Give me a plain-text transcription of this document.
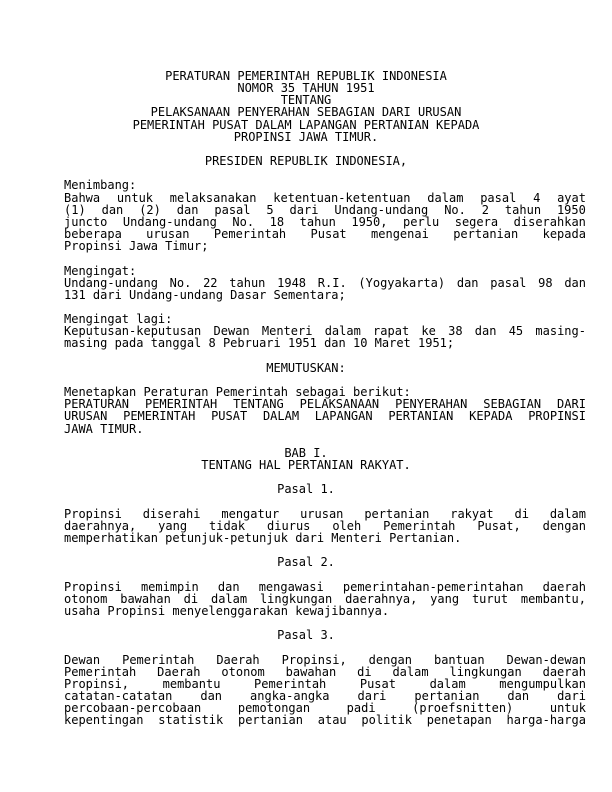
PERATURAN PEMERINTAH REPUBLIK INDONESIA
NOMOR 35 TAHUN 1951
TENTANG
PELAKSANAAN PENYERAHAN SEBAGIAN DARI URUSAN
PEMERINTAH PUSAT DALAM LAPANGAN PERTANIAN KEPADA
PROPINSI JAWA TIMUR.
PRESIDEN REPUBLIK INDONESIA,
Menimbang:
Bahwa untuk melaksanakan ketentuan-ketentuan dalam pasal 4 ayat
(1) dan (2) dan pasal 5 dari Undang-undang No. 2 tahun 1950
juncto Undang-undang No. 18 tahun 1950, perlu segera diserahkan
beberapa urusan Pemerintah Pusat mengenai pertanian kepada
Propinsi Jawa Timur;
Mengingat:
Undang-undang No. 22 tahun 1948 R.I. (Yogyakarta) dan pasal 98 dan
131 dari Undang-undang Dasar Sementara;
Mengingat lagi:
Keputusan-keputusan Dewan Menteri dalam rapat ke 38 dan 45 masing-
masing pada tanggal 8 Pebruari 1951 dan 10 Maret 1951;
MEMUTUSKAN:
Menetapkan Peraturan Pemerintah sebagai berikut:
PERATURAN PEMERINTAH TENTANG PELAKSANAAN PENYERAHAN SEBAGIAN DARI
URUSAN PEMERINTAH PUSAT DALAM LAPANGAN PERTANIAN KEPADA PROPINSI
JAWA TIMUR.
BAB I.
TENTANG HAL PERTANIAN RAKYAT.
Pasal 1.
Propinsi diserahi mengatur urusan pertanian rakyat di dalam
daerahnya, yang tidak diurus oleh Pemerintah Pusat, dengan
memperhatikan petunjuk-petunjuk dari Menteri Pertanian.
Pasal 2.
Propinsi memimpin dan mengawasi pemerintahan-pemerintahan daerah
otonom bawahan di dalam lingkungan daerahnya, yang turut membantu,
usaha Propinsi menyelenggarakan kewajibannya.
Pasal 3.
Dewan Pemerintah Daerah Propinsi, dengan bantuan Dewan-dewan
Pemerintah Daerah otonom bawahan di dalam lingkungan daerah
Propinsi,	membantu	Pemerintah	Pusat	dalam	mengumpulkan
catatan-catatan dan angka-angka dari pertanian dan dari
percobaan-percobaan	pemotongan	padi	(proefsnitten)	untuk
kepentingan statistik pertanian atau politik penetapan harga-harga
